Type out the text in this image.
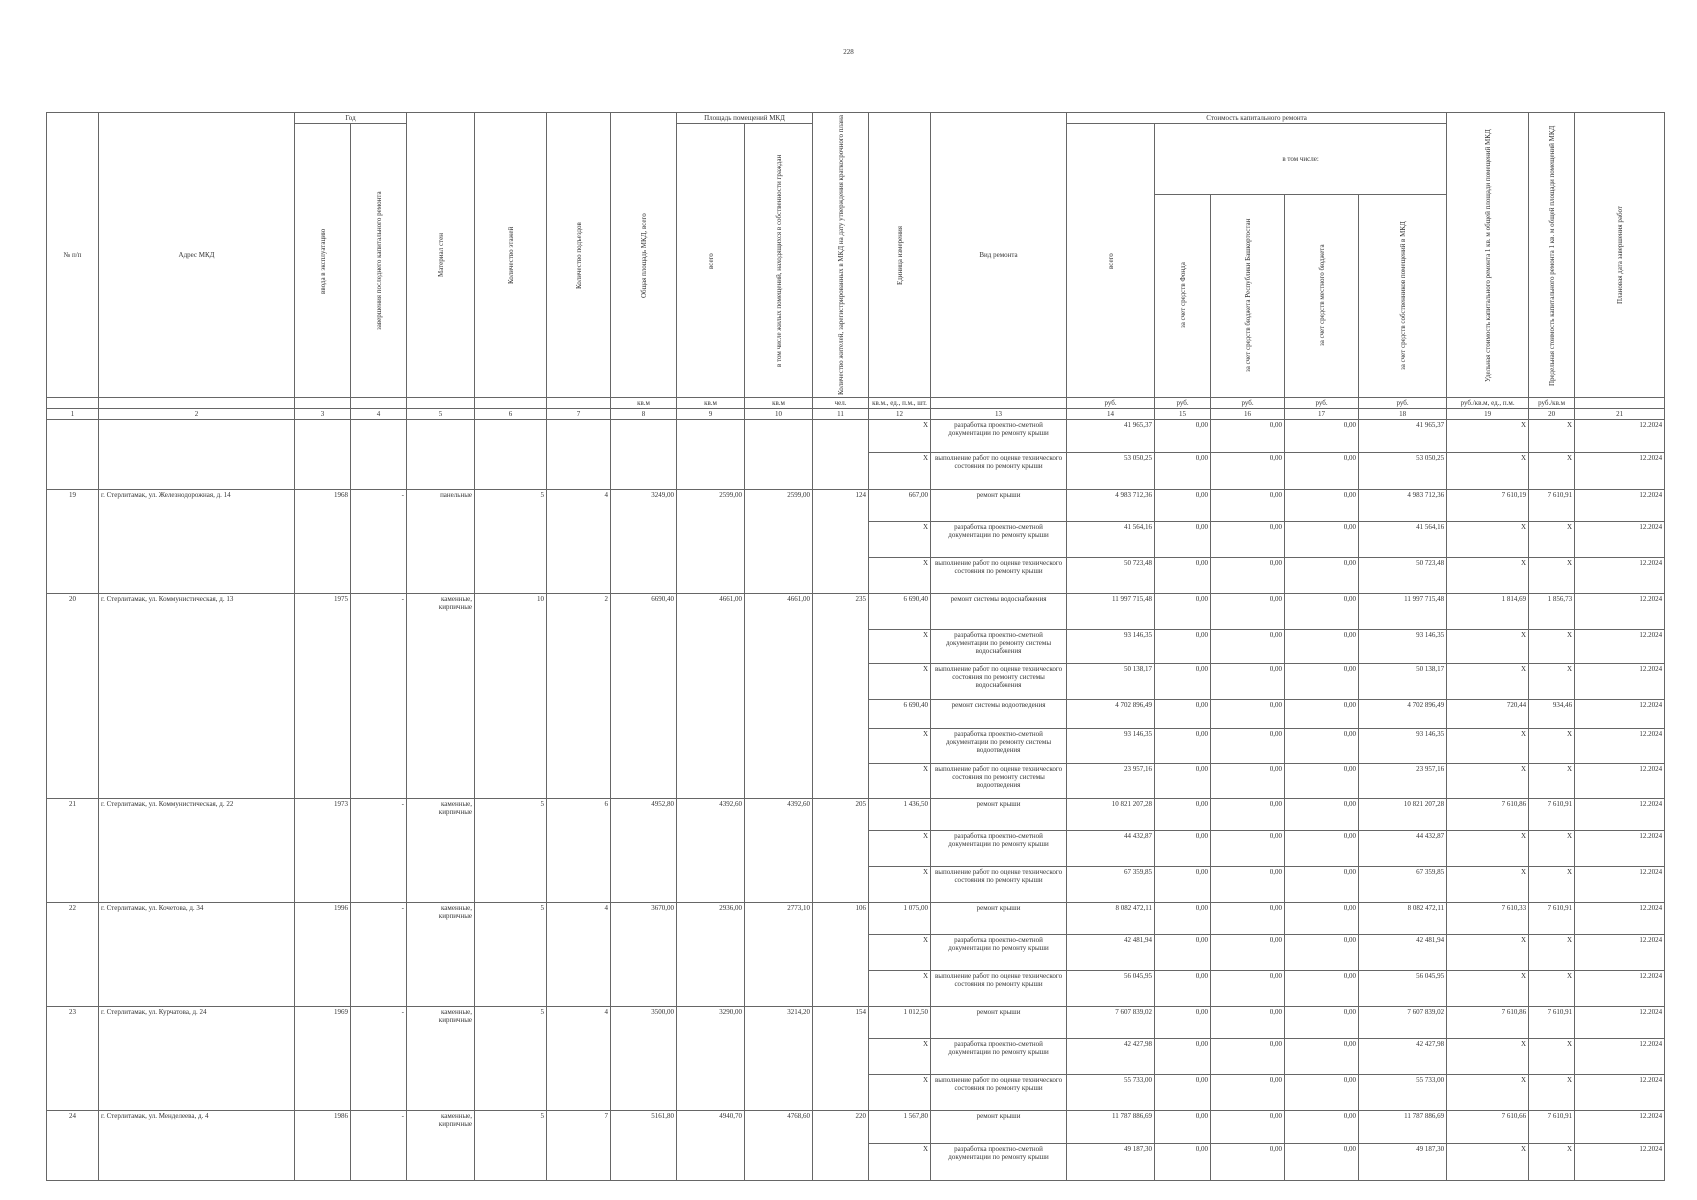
228
№ п/п	Адрес МКД	Год		Материал стен	Количество этажей	Количество подъездов	Общая площадь МКД, всего	Площадь помещений МКД		Количество жителей, зарегистрированных в МКД на дату утверждения краткосрочного плана	Единица измерения	Вид ремонта	Стоимость капитального ремонта					Удельная стоимость капитального ремонта 1 кв. м общей площади помещений МКД	Предельная стоимость капитального ремонта 1 кв. м общей площади помещений МКД	Плановая дата завершения работ
		ввода в эксплуатацию	завершения последнего капитального ремонта					всего	в том числе жилых помещений, находящихся в собственности граждан				всего	в том числе:						
														за счет средств Фонда	за счет средств бюджета Республики Башкортостан	за счет средств местного бюджета	за счет средств собственников помещений в МКД			
							кв.м	кв.м	кв.м	чел.	кв.м., ед., п.м., шт.		руб.	руб.	руб.	руб.	руб.	руб./кв.м, ед., п.м.	руб./кв.м	
1	2	3	4	5	6	7	8	9	10	11	12	13	14	15	16	17	18	19	20	21
											X	разработка проектно-сметной документации по ремонту крыши	41 965,37	0,00	0,00	0,00	41 965,37	X	X	12.2024
											X	выполнение работ по оценке технического состояния по ремонту крыши	53 050,25	0,00	0,00	0,00	53 050,25	X	X	12.2024
19	г. Стерлитамак, ул. Железнодорожная, д. 14	1968	-	панельные	5	4	3249,00	2599,00	2599,00	124	667,00	ремонт крыши	4 983 712,36	0,00	0,00	0,00	4 983 712,36	7 610,19	7 610,91	12.2024
											X	разработка проектно-сметной документации по ремонту крыши	41 564,16	0,00	0,00	0,00	41 564,16	X	X	12.2024
											X	выполнение работ по оценке технического состояния по ремонту крыши	50 723,48	0,00	0,00	0,00	50 723,48	X	X	12.2024
20	г. Стерлитамак, ул. Коммунистическая, д. 13	1975	-	каменные, кирпичные	10	2	6690,40	4661,00	4661,00	235	6 690,40	ремонт системы водоснабжения	11 997 715,48	0,00	0,00	0,00	11 997 715,48	1 814,69	1 856,73	12.2024
											X	разработка проектно-сметной документации по ремонту системы водоснабжения	93 146,35	0,00	0,00	0,00	93 146,35	X	X	12.2024
											X	выполнение работ по оценке технического состояния по ремонту системы водоснабжения	50 138,17	0,00	0,00	0,00	50 138,17	X	X	12.2024
											6 690,40	ремонт системы водоотведения	4 702 896,49	0,00	0,00	0,00	4 702 896,49	720,44	934,46	12.2024
											X	разработка проектно-сметной документации по ремонту системы водоотведения	93 146,35	0,00	0,00	0,00	93 146,35	X	X	12.2024
											X	выполнение работ по оценке технического состояния по ремонту системы водоотведения	23 957,16	0,00	0,00	0,00	23 957,16	X	X	12.2024
21	г. Стерлитамак, ул. Коммунистическая, д. 22	1973	-	каменные, кирпичные	5	6	4952,80	4392,60	4392,60	205	1 436,50	ремонт крыши	10 821 207,28	0,00	0,00	0,00	10 821 207,28	7 610,86	7 610,91	12.2024
											X	разработка проектно-сметной документации по ремонту крыши	44 432,87	0,00	0,00	0,00	44 432,87	X	X	12.2024
											X	выполнение работ по оценке технического состояния по ремонту крыши	67 359,85	0,00	0,00	0,00	67 359,85	X	X	12.2024
22	г. Стерлитамак, ул. Кочетова, д. 34	1996	-	каменные, кирпичные	5	4	3670,00	2936,00	2773,10	106	1 075,00	ремонт крыши	8 082 472,11	0,00	0,00	0,00	8 082 472,11	7 610,33	7 610,91	12.2024
											X	разработка проектно-сметной документации по ремонту крыши	42 481,94	0,00	0,00	0,00	42 481,94	X	X	12.2024
											X	выполнение работ по оценке технического состояния по ремонту крыши	56 045,95	0,00	0,00	0,00	56 045,95	X	X	12.2024
23	г. Стерлитамак, ул. Курчатова, д. 24	1969	-	каменные, кирпичные	5	4	3500,00	3290,00	3214,20	154	1 012,50	ремонт крыши	7 607 839,02	0,00	0,00	0,00	7 607 839,02	7 610,86	7 610,91	12.2024
											X	разработка проектно-сметной документации по ремонту крыши	42 427,98	0,00	0,00	0,00	42 427,98	X	X	12.2024
											X	выполнение работ по оценке технического состояния по ремонту крыши	55 733,00	0,00	0,00	0,00	55 733,00	X	X	12.2024
24	г. Стерлитамак, ул. Менделеева, д. 4	1986	-	каменные, кирпичные	5	7	5161,80	4940,70	4768,60	220	1 567,80	ремонт крыши	11 787 886,69	0,00	0,00	0,00	11 787 886,69	7 610,66	7 610,91	12.2024
											X	разработка проектно-сметной документации по ремонту крыши	49 187,30	0,00	0,00	0,00	49 187,30	X	X	12.2024
